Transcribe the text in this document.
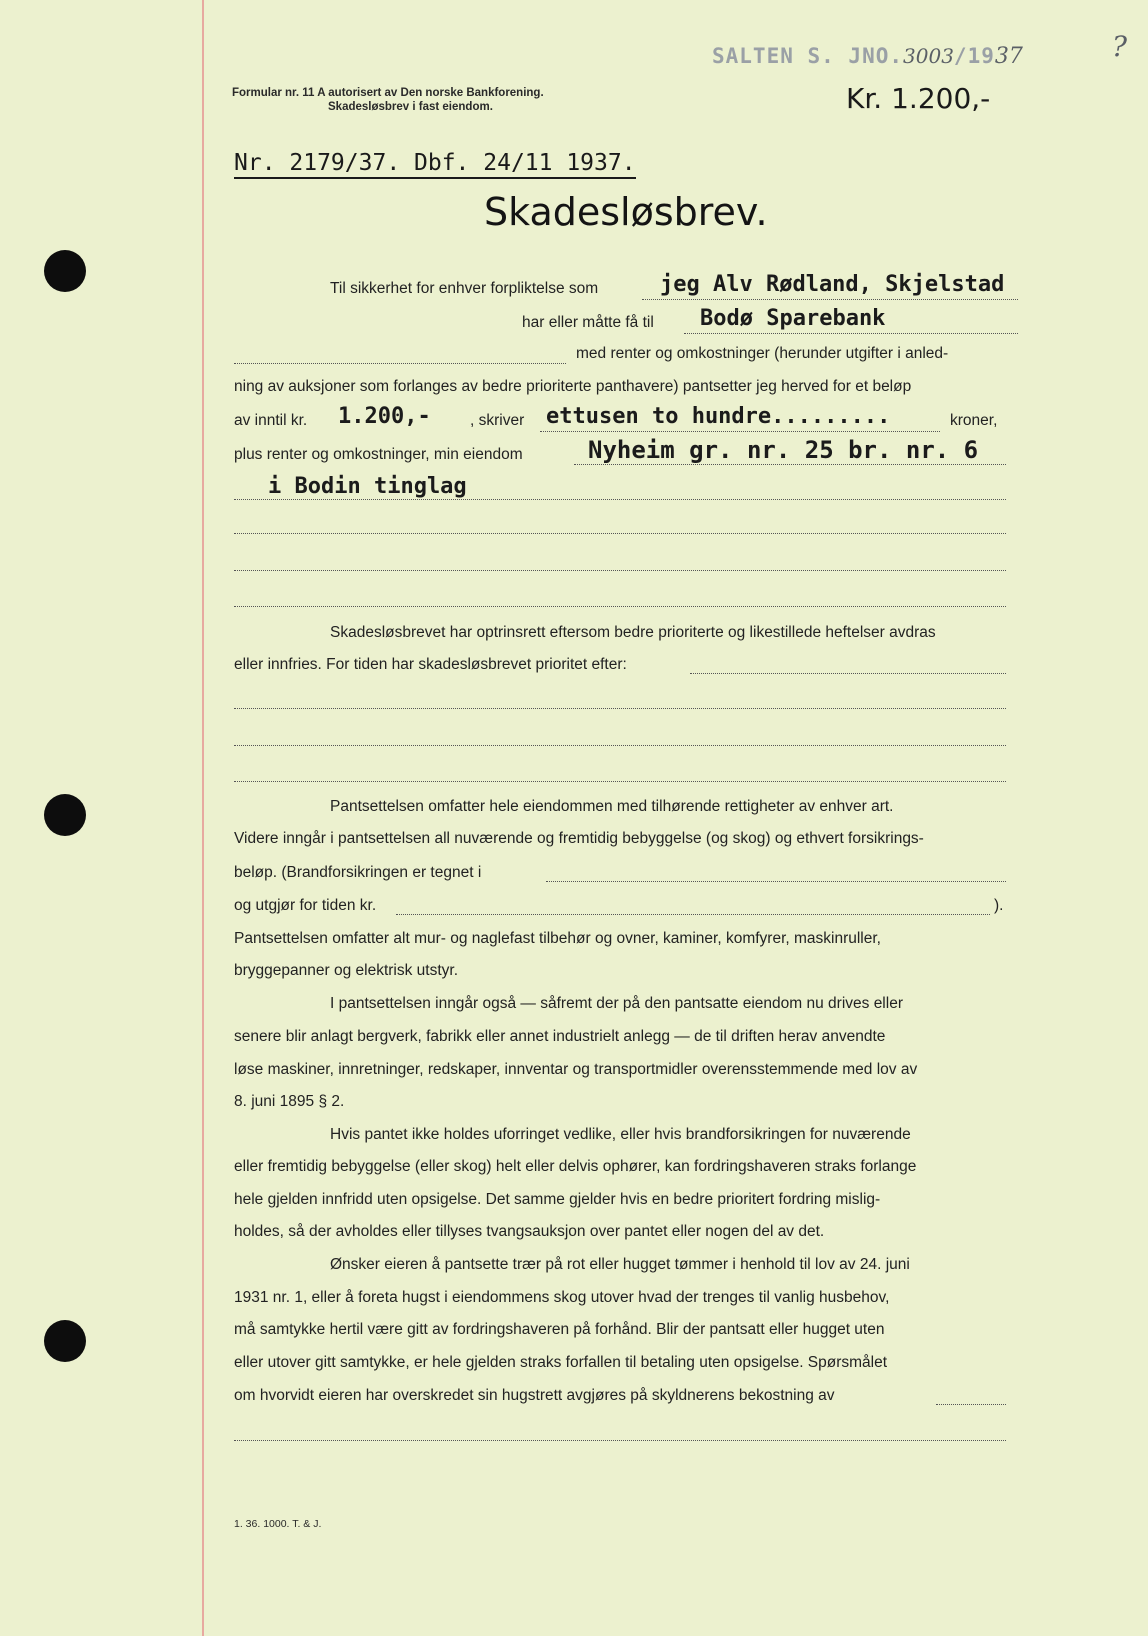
SALTEN S. JNO.3003/1937	?
Formular nr. 11 A autorisert av Den norske Bankforening.
Skadesløsbrev i fast eiendom.	Kr. 1.200,-
Nr. 2179/37. Dbf. 24/11 1937.
Skadesløsbrev.
Til sikkerhet for enhver forpliktelse som	jeg Alv Rødland, Skjelstad
har eller måtte få til Bodø Sparebank
med renter og omkostninger (herunder utgifter i anled-
ning av auksjoner som forlanges av bedre prioriterte panthavere) pantsetter jeg herved for et beløp
av inntil kr. 1.200,-	, skriver ettusen to hundre.........	kroner,
plus renter og omkostninger, min eiendom	Nyheim gr. nr. 25 br. nr. 6
i Bodin tinglag
Skadesløsbrevet har optrinsrett eftersom bedre prioriterte og likestillede heftelser avdras
eller innfries. For tiden har skadesløsbrevet prioritet efter:
Pantsettelsen omfatter hele eiendommen med tilhørende rettigheter av enhver art.
Videre inngår i pantsettelsen all nuværende og fremtidig bebyggelse (og skog) og ethvert forsikrings-
beløp. (Brandforsikringen er tegnet i
og utgjør for tiden kr.	).
Pantsettelsen omfatter alt mur- og naglefast tilbehør og ovner, kaminer, komfyrer, maskinruller,
bryggepanner og elektrisk utstyr.
I pantsettelsen inngår også — såfremt der på den pantsatte eiendom nu drives eller
senere blir anlagt bergverk, fabrikk eller annet industrielt anlegg — de til driften herav anvendte
løse maskiner, innretninger, redskaper, innventar og transportmidler overensstemmende med lov av
8. juni 1895 § 2.
Hvis pantet ikke holdes uforringet vedlike, eller hvis brandforsikringen for nuværende
eller fremtidig bebyggelse (eller skog) helt eller delvis ophører, kan fordringshaveren straks forlange
hele gjelden innfridd uten opsigelse. Det samme gjelder hvis en bedre prioritert fordring mislig-
holdes, så der avholdes eller tillyses tvangsauksjon over pantet eller nogen del av det.
Ønsker eieren å pantsette trær på rot eller hugget tømmer i henhold til lov av 24. juni
1931 nr. 1, eller å foreta hugst i eiendommens skog utover hvad der trenges til vanlig husbehov,
må samtykke hertil være gitt av fordringshaveren på forhånd. Blir der pantsatt eller hugget uten
eller utover gitt samtykke, er hele gjelden straks forfallen til betaling uten opsigelse. Spørsmålet
om hvorvidt eieren har overskredet sin hugstrett avgjøres på skyldnerens bekostning av
1. 36. 1000. T. & J.
